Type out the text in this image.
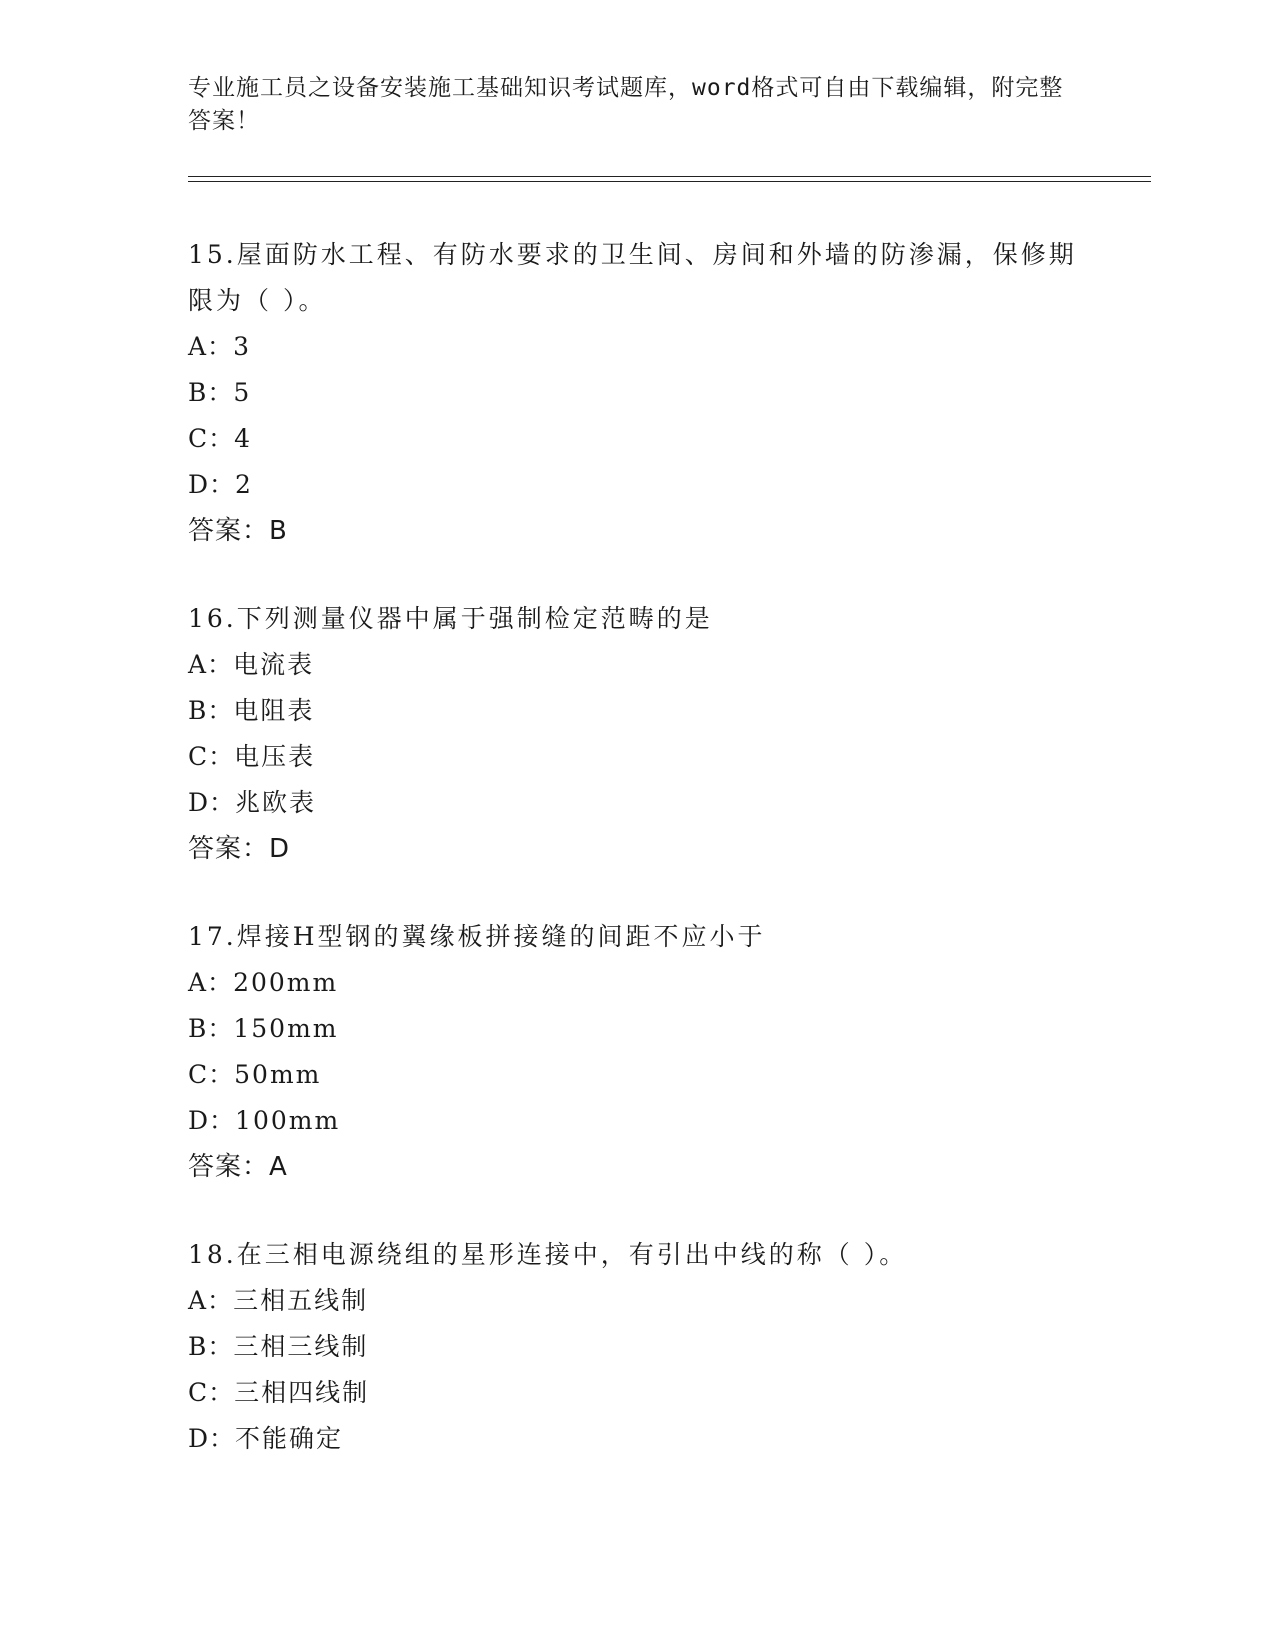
专业施工员之设备安装施工基础知识考试题库，word格式可自由下载编辑，附完整答案！

15.屋面防水工程、有防水要求的卫生间、房间和外墙的防渗漏，保修期限为（ ）。

A：3

B：5

C：4

D：2

答案：B

16.下列测量仪器中属于强制检定范畴的是

A：电流表

B：电阻表

C：电压表

D：兆欧表

答案：D

17.焊接H型钢的翼缘板拼接缝的间距不应小于

A：200mm

B：150mm

C：50mm

D：100mm

答案：A

18.在三相电源绕组的星形连接中，有引出中线的称（ ）。

A：三相五线制

B：三相三线制

C：三相四线制

D：不能确定
